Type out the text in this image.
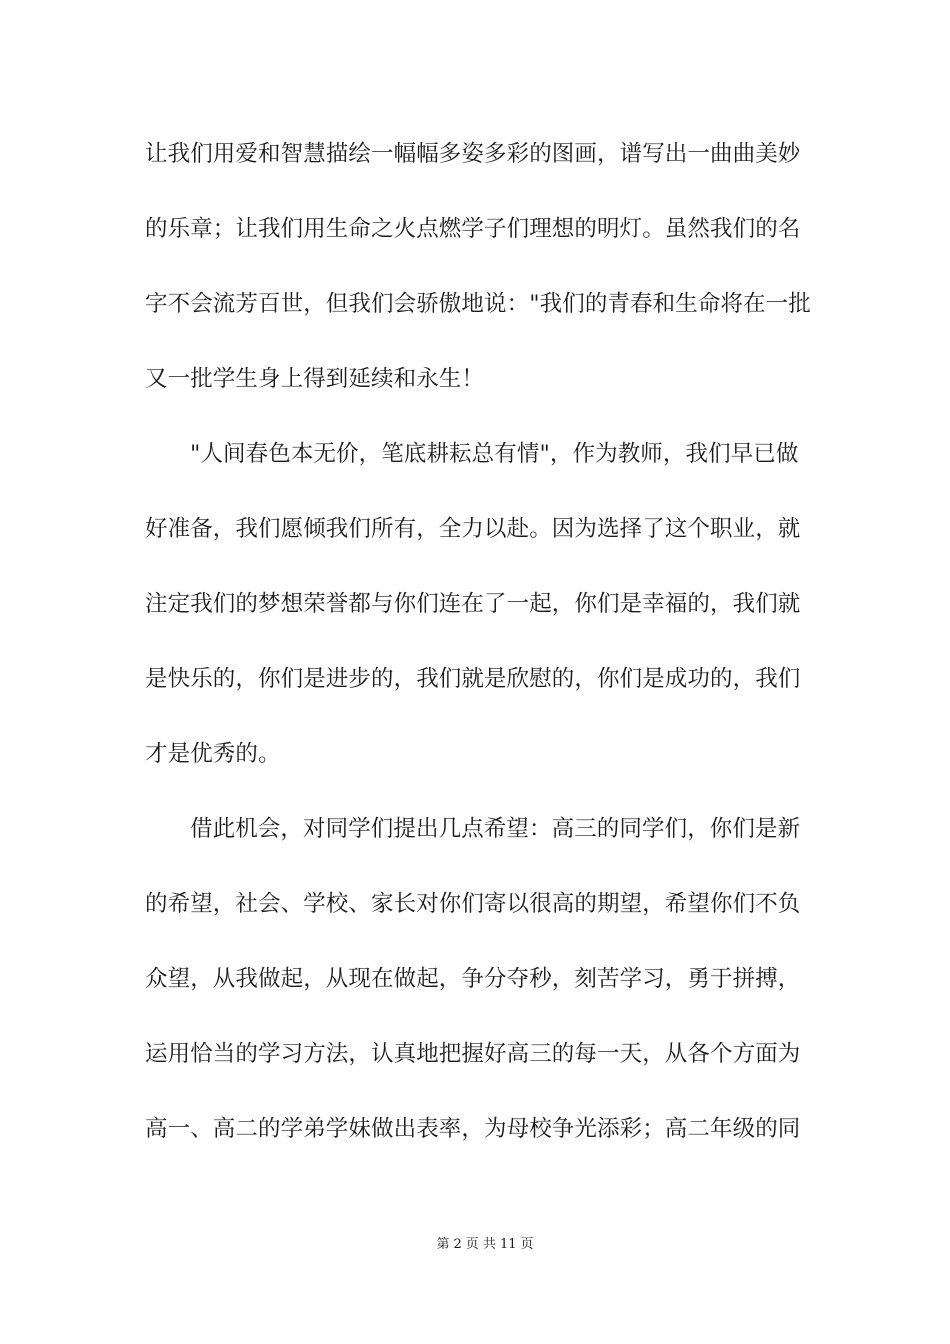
让我们用爱和智慧描绘一幅幅多姿多彩的图画，谱写出一曲曲美妙
的乐章；让我们用生命之火点燃学子们理想的明灯。虽然我们的名
字不会流芳百世，但我们会骄傲地说："我们的青春和生命将在一批
又一批学生身上得到延续和永生！
"人间春色本无价，笔底耕耘总有情"，作为教师，我们早已做
好准备，我们愿倾我们所有，全力以赴。因为选择了这个职业，就
注定我们的梦想荣誉都与你们连在了一起，你们是幸福的，我们就
是快乐的，你们是进步的，我们就是欣慰的，你们是成功的，我们
才是优秀的。
借此机会，对同学们提出几点希望：高三的同学们，你们是新
的希望，社会、学校、家长对你们寄以很高的期望，希望你们不负
众望，从我做起，从现在做起，争分夺秒，刻苦学习，勇于拼搏，
运用恰当的学习方法，认真地把握好高三的每一天，从各个方面为
高一、高二的学弟学妹做出表率，为母校争光添彩；高二年级的同
第 2 页 共 11 页
